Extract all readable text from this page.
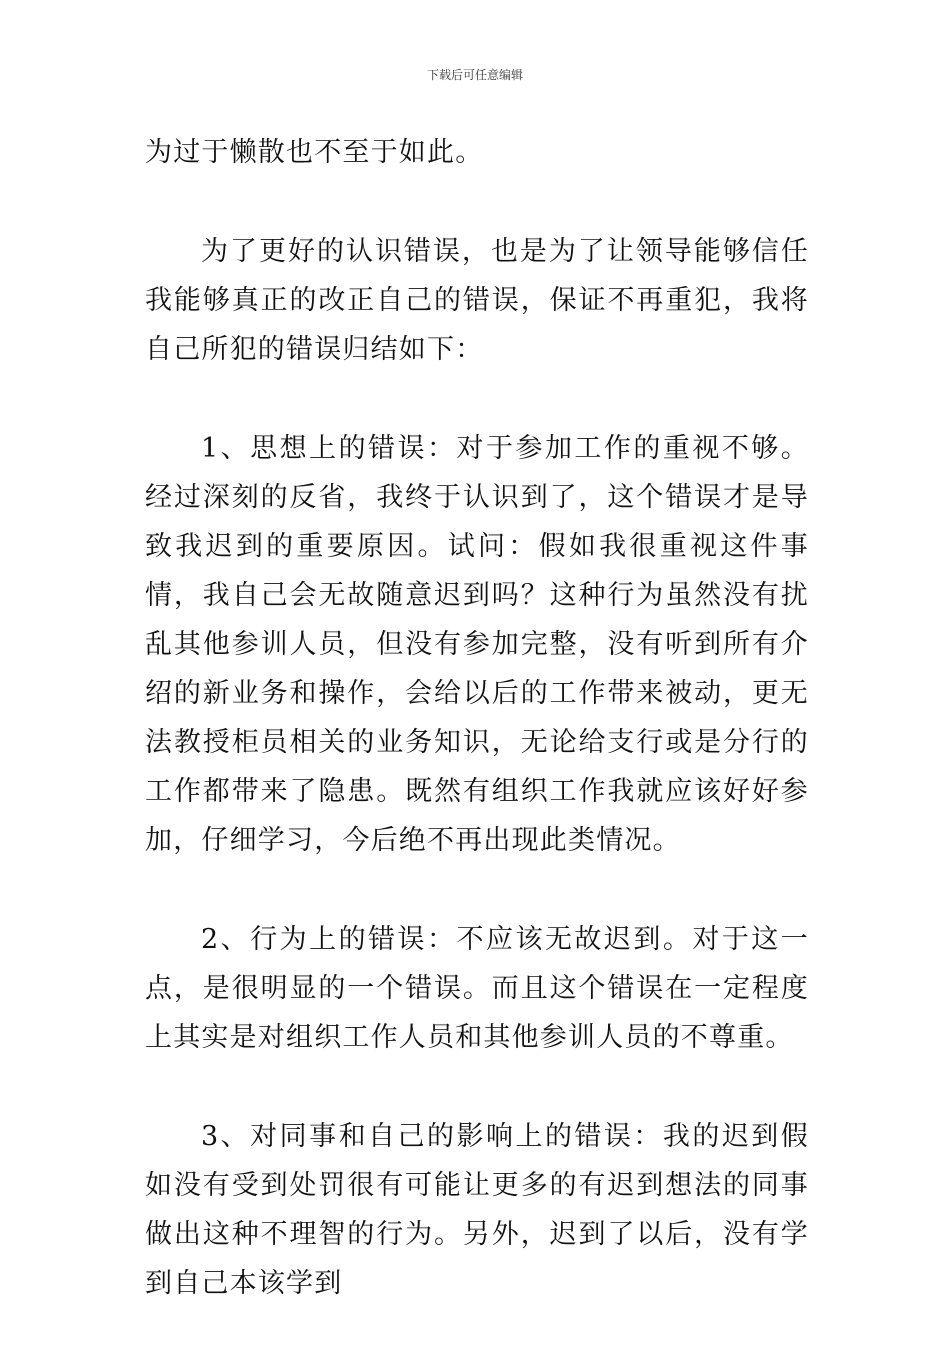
下载后可任意编辑

为过于懒散也不至于如此。

为了更好的认识错误，也是为了让领导能够信任我能够真正的改正自己的错误，保证不再重犯，我将自己所犯的错误归结如下：

1、思想上的错误：对于参加工作的重视不够。经过深刻的反省，我终于认识到了，这个错误才是导致我迟到的重要原因。试问：假如我很重视这件事情，我自己会无故随意迟到吗？这种行为虽然没有扰乱其他参训人员，但没有参加完整，没有听到所有介绍的新业务和操作，会给以后的工作带来被动，更无法教授柜员相关的业务知识，无论给支行或是分行的工作都带来了隐患。既然有组织工作我就应该好好参加，仔细学习，今后绝不再出现此类情况。

2、行为上的错误：不应该无故迟到。对于这一点，是很明显的一个错误。而且这个错误在一定程度上其实是对组织工作人员和其他参训人员的不尊重。

3、对同事和自己的影响上的错误：我的迟到假如没有受到处罚很有可能让更多的有迟到想法的同事做出这种不理智的行为。另外，迟到了以后，没有学到自己本该学到
